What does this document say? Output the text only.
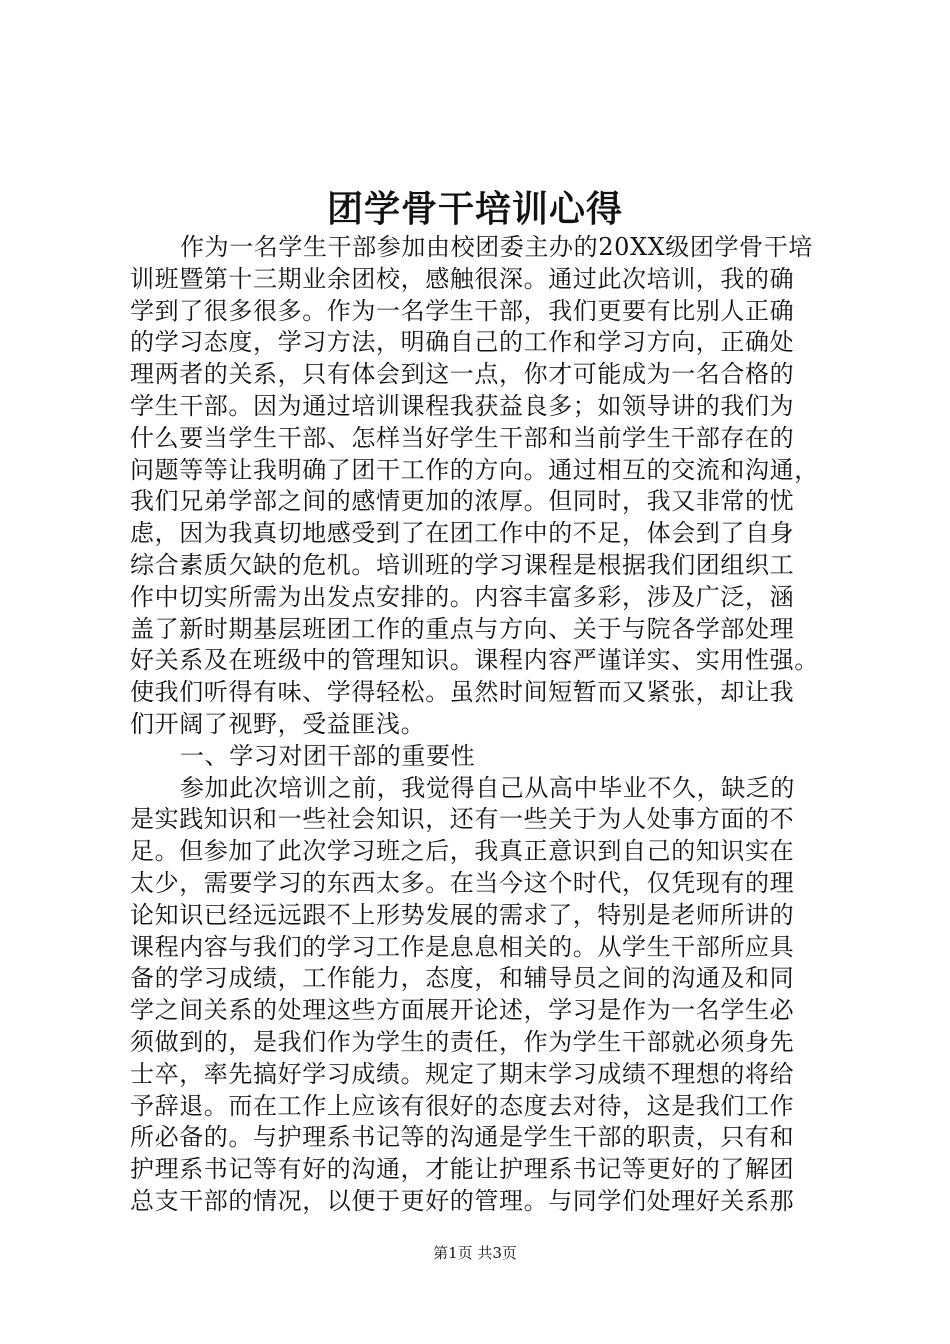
团学骨干培训心得
作为一名学生干部参加由校团委主办的20XX级团学骨干培
训班暨第十三期业余团校，感触很深。通过此次培训，我的确
学到了很多很多。作为一名学生干部，我们更要有比别人正确
的学习态度，学习方法，明确自己的工作和学习方向，正确处
理两者的关系，只有体会到这一点，你才可能成为一名合格的
学生干部。因为通过培训课程我获益良多；如领导讲的我们为
什么要当学生干部、怎样当好学生干部和当前学生干部存在的
问题等等让我明确了团干工作的方向。通过相互的交流和沟通，
我们兄弟学部之间的感情更加的浓厚。但同时，我又非常的忧
虑，因为我真切地感受到了在团工作中的不足，体会到了自身
综合素质欠缺的危机。培训班的学习课程是根据我们团组织工
作中切实所需为出发点安排的。内容丰富多彩，涉及广泛，涵
盖了新时期基层班团工作的重点与方向、关于与院各学部处理
好关系及在班级中的管理知识。课程内容严谨详实、实用性强。
使我们听得有味、学得轻松。虽然时间短暂而又紧张，却让我
们开阔了视野，受益匪浅。
一、学习对团干部的重要性
参加此次培训之前，我觉得自己从高中毕业不久，缺乏的
是实践知识和一些社会知识，还有一些关于为人处事方面的不
足。但参加了此次学习班之后，我真正意识到自己的知识实在
太少，需要学习的东西太多。在当今这个时代，仅凭现有的理
论知识已经远远跟不上形势发展的需求了，特别是老师所讲的
课程内容与我们的学习工作是息息相关的。从学生干部所应具
备的学习成绩，工作能力，态度，和辅导员之间的沟通及和同
学之间关系的处理这些方面展开论述，学习是作为一名学生必
须做到的，是我们作为学生的责任，作为学生干部就必须身先
士卒，率先搞好学习成绩。规定了期末学习成绩不理想的将给
予辞退。而在工作上应该有很好的态度去对待，这是我们工作
所必备的。与护理系书记等的沟通是学生干部的职责，只有和
护理系书记等有好的沟通，才能让护理系书记等更好的了解团
总支干部的情况，以便于更好的管理。与同学们处理好关系那
第1页 共3页
